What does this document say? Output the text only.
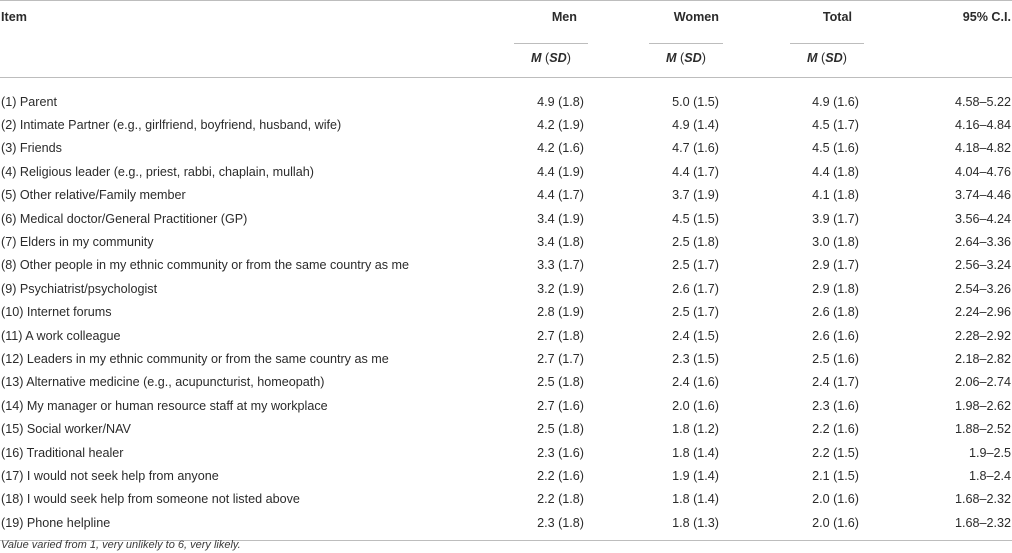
Item	Men	Women	Total	95% C.I.
	M (SD)	M (SD)	M (SD)	
(1) Parent	4.9 (1.8)	5.0 (1.5)	4.9 (1.6)	4.58–5.22
(2) Intimate Partner (e.g., girlfriend, boyfriend, husband, wife)	4.2 (1.9)	4.9 (1.4)	4.5 (1.7)	4.16–4.84
(3) Friends	4.2 (1.6)	4.7 (1.6)	4.5 (1.6)	4.18–4.82
(4) Religious leader (e.g., priest, rabbi, chaplain, mullah)	4.4 (1.9)	4.4 (1.7)	4.4 (1.8)	4.04–4.76
(5) Other relative/Family member	4.4 (1.7)	3.7 (1.9)	4.1 (1.8)	3.74–4.46
(6) Medical doctor/General Practitioner (GP)	3.4 (1.9)	4.5 (1.5)	3.9 (1.7)	3.56–4.24
(7) Elders in my community	3.4 (1.8)	2.5 (1.8)	3.0 (1.8)	2.64–3.36
(8) Other people in my ethnic community or from the same country as me	3.3 (1.7)	2.5 (1.7)	2.9 (1.7)	2.56–3.24
(9) Psychiatrist/psychologist	3.2 (1.9)	2.6 (1.7)	2.9 (1.8)	2.54–3.26
(10) Internet forums	2.8 (1.9)	2.5 (1.7)	2.6 (1.8)	2.24–2.96
(11) A work colleague	2.7 (1.8)	2.4 (1.5)	2.6 (1.6)	2.28–2.92
(12) Leaders in my ethnic community or from the same country as me	2.7 (1.7)	2.3 (1.5)	2.5 (1.6)	2.18–2.82
(13) Alternative medicine (e.g., acupuncturist, homeopath)	2.5 (1.8)	2.4 (1.6)	2.4 (1.7)	2.06–2.74
(14) My manager or human resource staff at my workplace	2.7 (1.6)	2.0 (1.6)	2.3 (1.6)	1.98–2.62
(15) Social worker/NAV	2.5 (1.8)	1.8 (1.2)	2.2 (1.6)	1.88–2.52
(16) Traditional healer	2.3 (1.6)	1.8 (1.4)	2.2 (1.5)	1.9–2.5
(17) I would not seek help from anyone	2.2 (1.6)	1.9 (1.4)	2.1 (1.5)	1.8–2.4
(18) I would seek help from someone not listed above	2.2 (1.8)	1.8 (1.4)	2.0 (1.6)	1.68–2.32
(19) Phone helpline	2.3 (1.8)	1.8 (1.3)	2.0 (1.6)	1.68–2.32
Value varied from 1, very unlikely to 6, very likely.
